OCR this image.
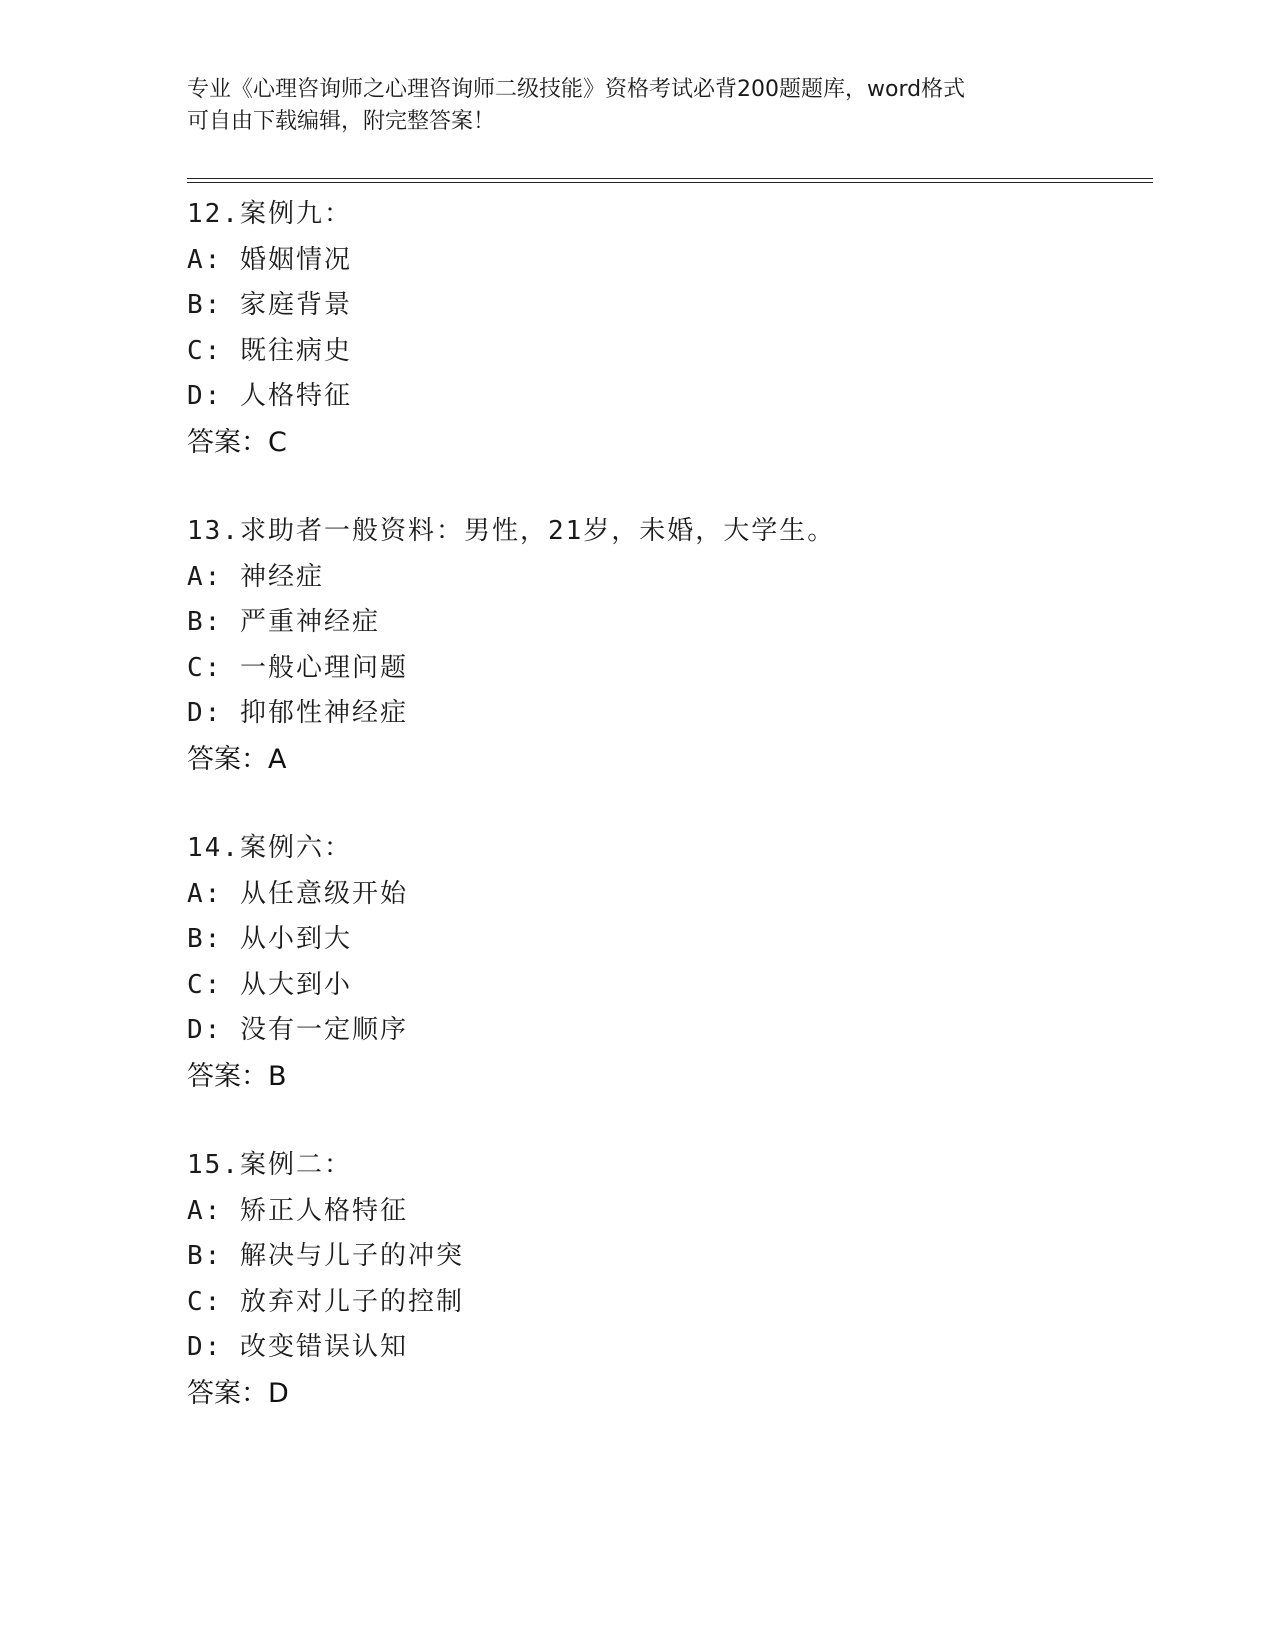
专业《心理咨询师之心理咨询师二级技能》资格考试必背200题题库，word格式
可自由下载编辑，附完整答案！
12.案例九：
A: 婚姻情况
B: 家庭背景
C: 既往病史
D: 人格特征
答案：C
13.求助者一般资料：男性，21岁，未婚，大学生。
A: 神经症
B: 严重神经症
C: 一般心理问题
D: 抑郁性神经症
答案：A
14.案例六：
A: 从任意级开始
B: 从小到大
C: 从大到小
D: 没有一定顺序
答案：B
15.案例二：
A: 矫正人格特征
B: 解决与儿子的冲突
C: 放弃对儿子的控制
D: 改变错误认知
答案：D
